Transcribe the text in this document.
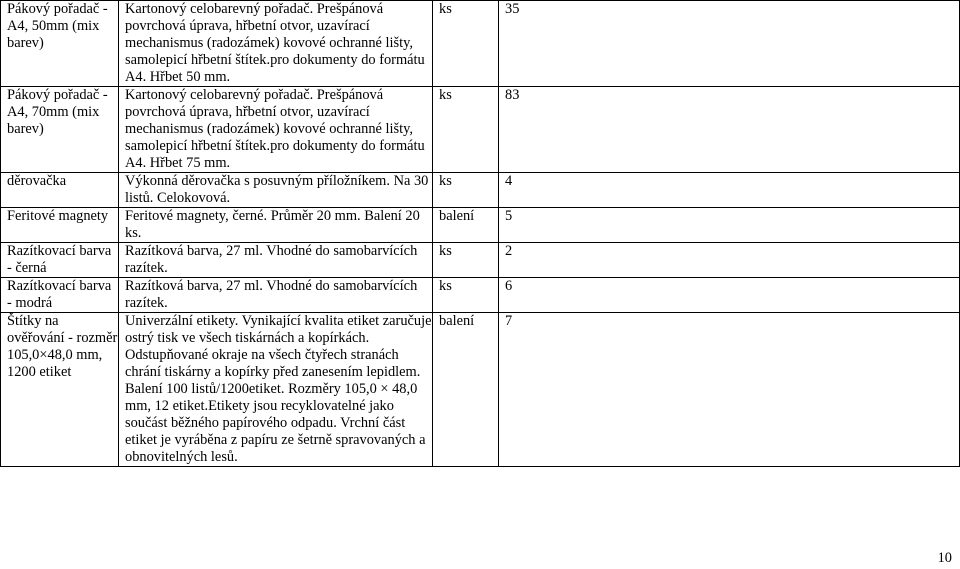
Pákový pořadač - A4, 50mm (mix barev)	Kartonový celobarevný pořadač. Prešpánová povrchová úprava, hřbetní otvor, uzavírací mechanismus (radozámek) kovové ochranné lišty, samolepicí hřbetní štítek.pro dokumenty do formátu A4. Hřbet 50 mm.	ks	35
Pákový pořadač - A4, 70mm (mix barev)	Kartonový celobarevný pořadač. Prešpánová povrchová úprava, hřbetní otvor, uzavírací mechanismus (radozámek) kovové ochranné lišty, samolepicí hřbetní štítek.pro dokumenty do formátu A4. Hřbet 75 mm.	ks	83
děrovačka	Výkonná děrovačka s posuvným příložníkem. Na 30 listů. Celokovová.	ks	4
Feritové magnety	Feritové magnety, černé. Průměr 20 mm. Balení 20 ks.	balení	5
Razítkovací barva - černá	Razítková barva, 27 ml. Vhodné do samobarvících razítek.	ks	2
Razítkovací barva - modrá	Razítková barva, 27 ml. Vhodné do samobarvících razítek.	ks	6
Štítky na ověřování - rozměr 105,0×48,0 mm, 1200 etiket	Univerzální etikety. Vynikající kvalita etiket zaručuje ostrý tisk ve všech tiskárnách a kopírkách. Odstupňované okraje na všech čtyřech stranách chrání tiskárny a kopírky před zanesením lepidlem. Balení 100 listů/1200etiket. Rozměry 105,0 × 48,0 mm, 12 etiket.Etikety jsou recyklovatelné jako součást běžného papírového odpadu. Vrchní část etiket je vyráběna z papíru ze šetrně spravovaných a obnovitelných lesů.	balení	7
10
